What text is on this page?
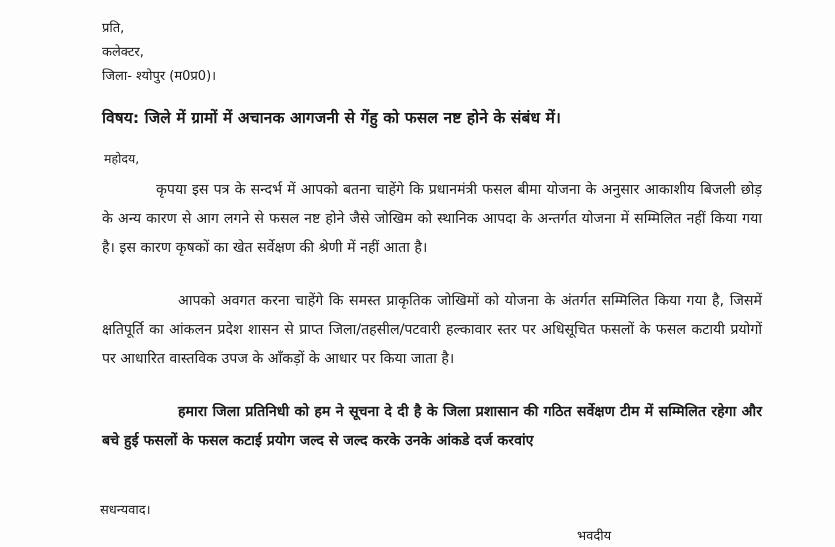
प्रति,
कलेक्टर,
जिला- श्योपुर (म0प्र0)।
विषय: जिले में ग्रामों में अचानक आगजनी से गेंहु को फसल नष्ट होने के संबंध में।
महोदय,

कृपया इस पत्र के सन्दर्भ में आपको बतना चाहेंगे कि प्रधानमंत्री फसल बीमा योजना के अनुसार आकाशीय बिजली छोड़ के अन्य कारण से आग लगने से फसल नष्ट होने जैसे जोखिम को स्थानिक आपदा के अन्तर्गत योजना में सम्मिलित नहीं किया गया है। इस कारण कृषकों का खेत सर्वेक्षण की श्रेणी में नहीं आता है।

आपको अवगत करना चाहेंगे कि समस्त प्राकृतिक जोखिमों को योजना के अंतर्गत सम्मिलित किया गया है, जिसमें क्षतिपूर्ति का आंकलन प्रदेश शासन से प्राप्त जिला/तहसील/पटवारी हल्कावार स्तर पर अधिसूचित फसलों के फसल कटायी प्रयोगों पर आधारित वास्तविक उपज के आँकड़ों के आधार पर किया जाता है।

हमारा जिला प्रतिनिधी को हम ने सूचना दे दी है के जिला प्रशासान की गठित सर्वेक्षण टीम में सम्मिलित रहेगा और बचे हुई फसलों के फसल कटाई प्रयोग जल्द से जल्द करके उनके आंकडे दर्ज करवांए

सधन्यवाद।
भवदीय
